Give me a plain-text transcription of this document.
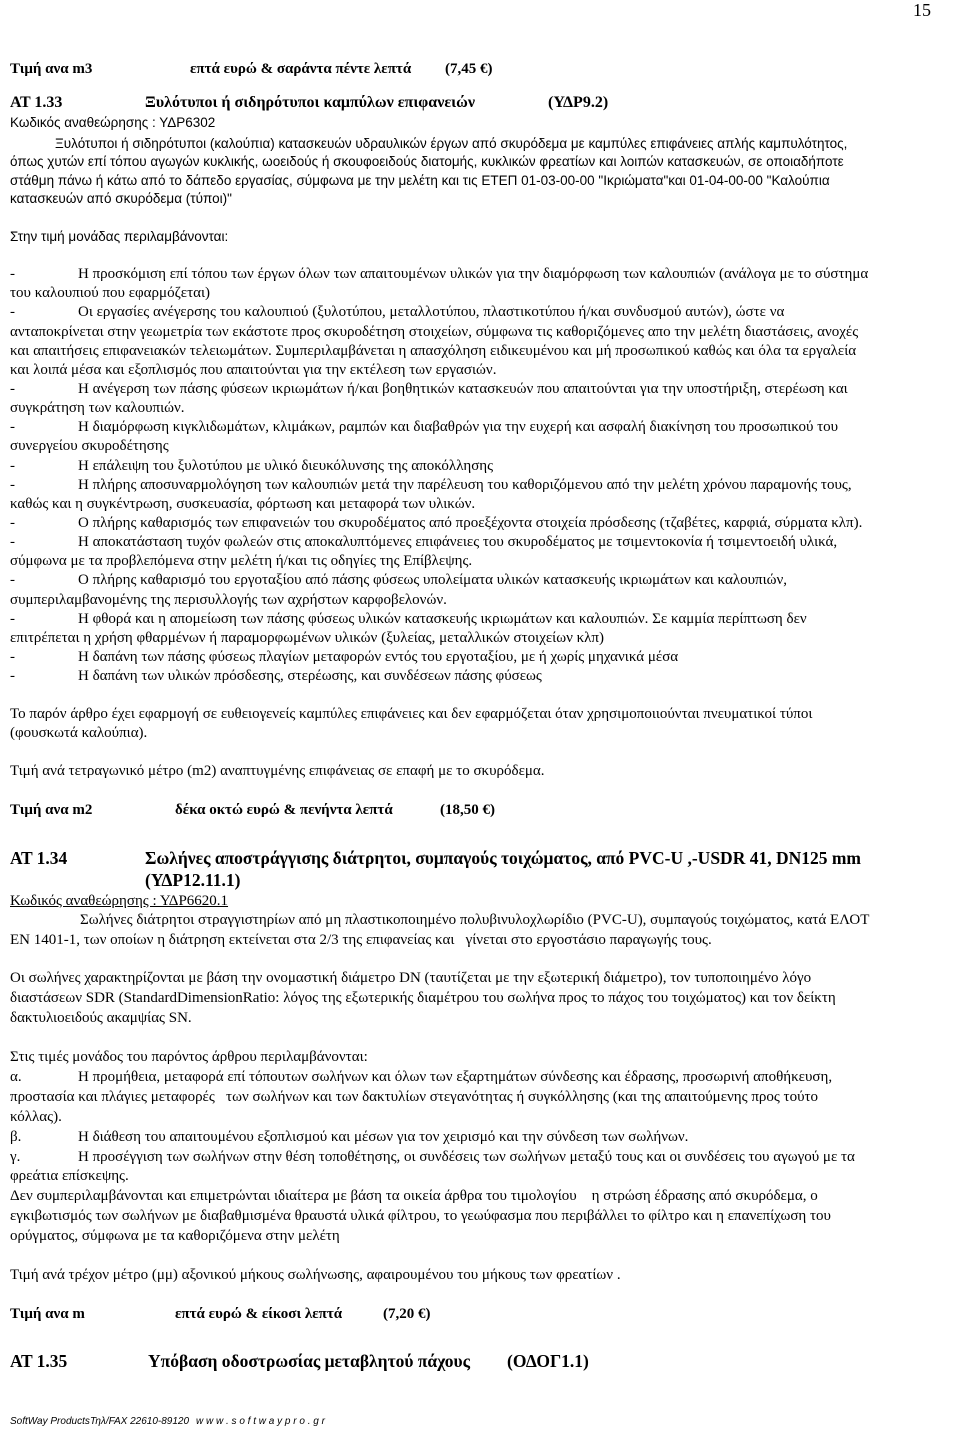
15
Τιμή ανα m3	επτά ευρώ & σαράντα πέντε λεπτά (7,45 €)
ΑΤ 1.33	Ξυλότυποι ή σιδηρότυποι καμπύλων επιφανειών	(ΥΔΡ9.2)
Κωδικός αναθεώρησης : ΥΔΡ6302
Ξυλότυποι ή σιδηρότυποι (καλούπια) κατασκευών υδραυλικών έργων από σκυρόδεμα με καμπύλες επιφάνειες απλής καμπυλότητος,
όπως χυτών επί τόπου αγωγών κυκλικής, ωοειδούς ή σκουφοειδούς διατομής, κυκλικών φρεατίων και λοιπών κατασκευών, σε οποιαδήποτε
στάθμη πάνω ή κάτω από το δάπεδο εργασίας, σύμφωνα με την μελέτη και τις ΕΤΕΠ 01-03-00-00 "Ικριώματα"και 01-04-00-00 "Καλούπια
κατασκευών από σκυρόδεμα (τύποι)"
Στην τιμή μονάδας περιλαμβάνονται:
-	Η προσκόμιση επί τόπου των έργων όλων των απαιτουμένων υλικών για την διαμόρφωση των καλουπιών (ανάλογα με το σύστημα
του καλουπιού που εφαρμόζεται)
-	Οι εργασίες ανέγερσης του καλουπιού (ξυλοτύπου, μεταλλοτύπου, πλαστικοτύπου ή/και συνδυσμού αυτών), ώστε να
ανταποκρίνεται στην γεωμετρία των εκάστοτε προς σκυροδέτηση στοιχείων, σύμφωνα τις καθοριζόμενες απο την μελέτη διαστάσεις, ανοχές
και απαιτήσεις επιφανειακών τελειωμάτων. Συμπεριλαμβάνεται η απασχόληση ειδικευμένου και μή προσωπικού καθώς και όλα τα εργαλεία
και λοιπά μέσα και εξοπλισμός που απαιτούνται για την εκτέλεση των εργασιών.
-	Η ανέγερση των πάσης φύσεων ικριωμάτων ή/και βοηθητικών κατασκευών που απαιτούνται για την υποστήριξη, στερέωση και
συγκράτηση των καλουπιών.
-	Η διαμόρφωση κιγκλιδωμάτων, κλιμάκων, ραμπών και διαβαθρών για την ευχερή και ασφαλή διακίνηση του προσωπικού του
συνεργείου σκυροδέτησης
-	Η επάλειψη του ξυλοτύπου με υλικό διευκόλυνσης της αποκόλλησης
-	Η πλήρης αποσυναρμολόγηση των καλουπιών μετά την παρέλευση του καθοριζόμενου από την μελέτη χρόνου παραμονής τους,
καθώς και η συγκέντρωση, συσκευασία, φόρτωση και μεταφορά των υλικών.
-	Ο πλήρης καθαρισμός των επιφανειών του σκυροδέματος από προεξέχοντα στοιχεία πρόσδεσης (τζαβέτες, καρφιά, σύρματα κλπ).
-	Η αποκατάσταση τυχόν φωλεών στις αποκαλυπτόμενες επιφάνειες του σκυροδέματος με τσιμεντοκονία ή τσιμεντοειδή υλικά,
σύμφωνα με τα προβλεπόμενα στην μελέτη ή/και τις οδηγίες της Επίβλεψης.
-	Ο πλήρης καθαρισμό του εργοταξίου από πάσης φύσεως υπολείματα υλικών κατασκευής ικριωμάτων και καλουπιών,
συμπεριλαμβανομένης της περισυλλογής των αχρήστων καρφοβελονών.
-	Η φθορά και η απομείωση των πάσης φύσεως υλικών κατασκευής ικριωμάτων και καλουπιών. Σε καμμία περίπτωση δεν
επιτρέπεται η χρήση φθαρμένων ή παραμορφωμένων υλικών (ξυλείας, μεταλλικών στοιχείων κλπ)
-	Η δαπάνη των πάσης φύσεως πλαγίων μεταφορών εντός του εργοταξίου, με ή χωρίς μηχανικά μέσα
-	Η δαπάνη των υλικών πρόσδεσης, στερέωσης, και συνδέσεων πάσης φύσεως
Το παρόν άρθρο έχει εφαρμογή σε ευθειογενείς καμπύλες επιφάνειες και δεν εφαρμόζεται όταν χρησιμοποιιούνται πνευματικοί τύποι
(φουσκωτά καλούπια).
Τιμή ανά τετραγωνικό μέτρο (m2) αναπτυγμένης επιφάνειας σε επαφή με το σκυρόδεμα.
Τιμή ανα m2	δέκα οκτώ ευρώ & πενήντα λεπτά	(18,50 €)
ΑΤ 1.34	Σωλήνες αποστράγγισης διάτρητοι, συμπαγούς τοιχώματος, από PVC-U ,-USDR 41, DN125 mm
(ΥΔΡ12.11.1)
Κωδικός αναθεώρησης : ΥΔΡ6620.1
Σωλήνες διάτρητοι στραγγιστηρίων από μη πλαστικοποιημένο πολυβινυλοχλωρίδιο (PVC-U), συμπαγούς τοιχώματος, κατά ΕΛΟΤ
ΕΝ 1401-1, των οποίων η διάτρηση εκτείνεται στα 2/3 της επιφανείας και   γίνεται στο εργοστάσιο παραγωγής τους.
Οι σωλήνες χαρακτηρίζονται με βάση την ονομαστική διάμετρο DN (ταυτίζεται με την εξωτερική διάμετρο), τον τυποποιημένο λόγο
διαστάσεων SDR (StandardDimensionRatio: λόγος της εξωτερικής διαμέτρου του σωλήνα προς το πάχος του τοιχώματος) και τον δείκτη
δακτυλιοειδούς ακαμψίας SN.
Στις τιμές μονάδος του παρόντος άρθρου περιλαμβάνονται:
α.	Η προμήθεια, μεταφορά επί τόπουτων σωλήνων και όλων των εξαρτημάτων σύνδεσης και έδρασης, προσωρινή αποθήκευση,
προστασία και πλάγιες μεταφορές   των σωλήνων και των δακτυλίων στεγανότητας ή συγκόλλησης (και της απαιτούμενης προς τούτο
κόλλας).
β.	Η διάθεση του απαιτουμένου εξοπλισμού και μέσων για τον χειρισμό και την σύνδεση των σωλήνων.
γ.	Η προσέγγιση των σωλήνων στην θέση τοποθέτησης, οι συνδέσεις των σωλήνων μεταξύ τους και οι συνδέσεις του αγωγού με τα
φρεάτια επίσκεψης.
Δεν συμπεριλαμβάνονται και επιμετρώνται ιδιαίτερα με βάση τα οικεία άρθρα του τιμολογίου    η στρώση έδρασης από σκυρόδεμα, ο
εγκιβωτισμός των σωλήνων με διαβαθμισμένα θραυστά υλικά φίλτρου, το γεωύφασμα που περιβάλλει το φίλτρο και η επανεπίχωση του
ορύγματος, σύμφωνα με τα καθοριζόμενα στην μελέτη
Τιμή ανά τρέχον μέτρο (μμ) αξονικού μήκους σωλήνωσης, αφαιρουμένου του μήκους των φρεατίων .
Τιμή ανα m	επτά ευρώ & είκοσι λεπτά	(7,20 €)
ΑΤ 1.35	Υπόβαση οδοστρωσίας μεταβλητού πάχους (ΟΔΟΓ1.1)
SoftWay Products Τηλ/FAX 22610-89120 w w w . s o f t w a y p r o . g r
